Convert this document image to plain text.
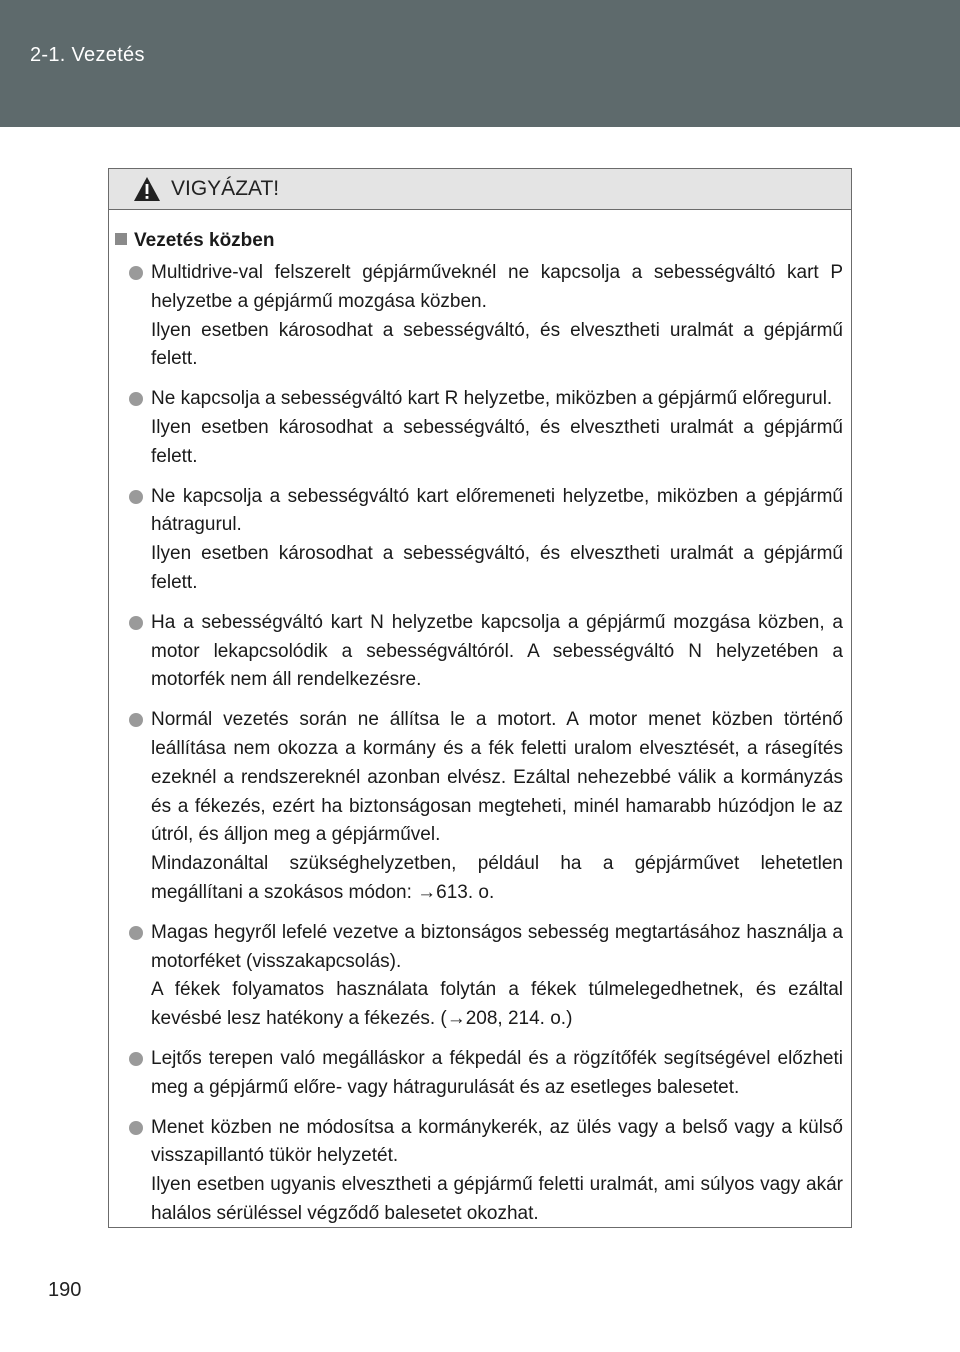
2-1. Vezetés
VIGYÁZAT!
Vezetés közben

Multidrive-val felszerelt gépjárműveknél ne kapcsolja a sebességváltó kart P helyzetbe a gépjármű mozgása közben.

Ilyen esetben károsodhat a sebességváltó, és elvesztheti uralmát a gépjármű felett.

Ne kapcsolja a sebességváltó kart R helyzetbe, miközben a gépjármű előregurul.

Ilyen esetben károsodhat a sebességváltó, és elvesztheti uralmát a gépjármű felett.

Ne kapcsolja a sebességváltó kart előremeneti helyzetbe, miközben a gépjármű hátragurul.

Ilyen esetben károsodhat a sebességváltó, és elvesztheti uralmát a gépjármű felett.

Ha a sebességváltó kart N helyzetbe kapcsolja a gépjármű mozgása közben, a motor lekapcsolódik a sebességváltóról. A sebességváltó N helyzetében a motorfék nem áll rendelkezésre.

Normál vezetés során ne állítsa le a motort. A motor menet közben történő leállítása nem okozza a kormány és a fék feletti uralom elvesztését, a rásegítés ezeknél a rendszereknél azonban elvész. Ezáltal nehezebbé válik a kormányzás és a fékezés, ezért ha biztonságosan megteheti, minél hamarabb húzódjon le az útról, és álljon meg a gépjárművel.

Mindazonáltal szükséghelyzetben, például ha a gépjárművet lehetetlen megállítani a szokásos módon: →613. o.

Magas hegyről lefelé vezetve a biztonságos sebesség megtartásához használja a motorféket (visszakapcsolás).

A fékek folyamatos használata folytán a fékek túlmelegedhetnek, és ezáltal kevésbé lesz hatékony a fékezés. (→208, 214. o.)

Lejtős terepen való megálláskor a fékpedál és a rögzítőfék segítségével előzheti meg a gépjármű előre- vagy hátragurulását és az esetleges balesetet.

Menet közben ne módosítsa a kormánykerék, az ülés vagy a belső vagy a külső visszapillantó tükör helyzetét.

Ilyen esetben ugyanis elvesztheti a gépjármű feletti uralmát, ami súlyos vagy akár halálos sérüléssel végződő balesetet okozhat.

190
